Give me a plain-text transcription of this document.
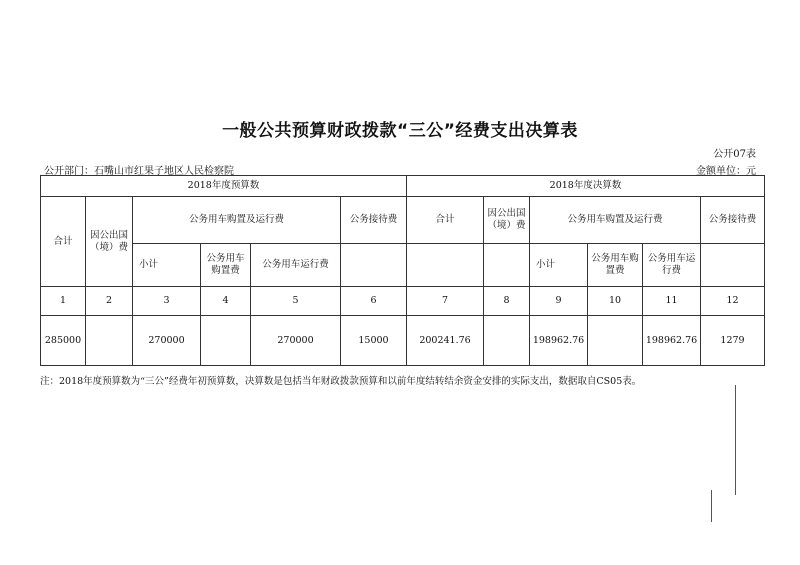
一般公共预算财政拨款“三公”经费支出决算表
公开07表
公开部门：石嘴山市红果子地区人民检察院	金额单位：元
2018年度预算数						2018年度决算数					
合计	因公出国（境）费	公务用车购置及运行费			公务接待费	合计	因公出国（境）费	公务用车购置及运行费			公务接待费
		小计	公务用车购置费	公务用车运行费				小计	公务用车购置费	公务用车运行费	
1	2	3	4	5	6	7	8	9	10	11	12
285000		270000		270000	15000	200241.76		198962.76		198962.76	1279
注：2018年度预算数为“三公”经费年初预算数，决算数是包括当年财政拨款预算和以前年度结转结余资金安排的实际支出，数据取自CS05表。
